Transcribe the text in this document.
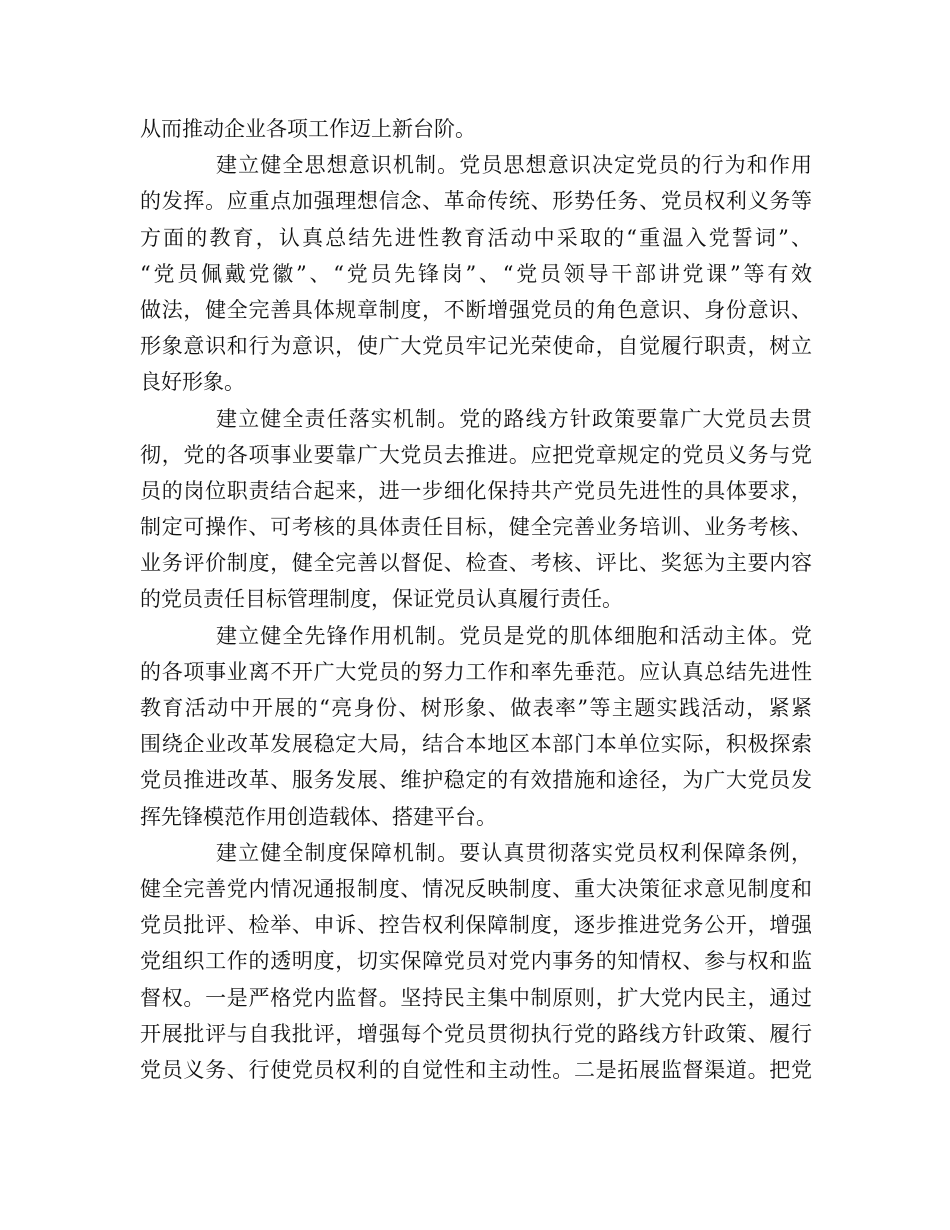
从而推动企业各项工作迈上新台阶。
建立健全思想意识机制。党员思想意识决定党员的行为和作用
的发挥。应重点加强理想信念、革命传统、形势任务、党员权利义务等
方面的教育，认真总结先进性教育活动中采取的“重温入党誓词”、
“党员佩戴党徽”、“党员先锋岗”、“党员领导干部讲党课”等有效
做法，健全完善具体规章制度，不断增强党员的角色意识、身份意识、
形象意识和行为意识，使广大党员牢记光荣使命，自觉履行职责，树立
良好形象。
建立健全责任落实机制。党的路线方针政策要靠广大党员去贯
彻，党的各项事业要靠广大党员去推进。应把党章规定的党员义务与党
员的岗位职责结合起来，进一步细化保持共产党员先进性的具体要求，
制定可操作、可考核的具体责任目标，健全完善业务培训、业务考核、
业务评价制度，健全完善以督促、检查、考核、评比、奖惩为主要内容
的党员责任目标管理制度，保证党员认真履行责任。
建立健全先锋作用机制。党员是党的肌体细胞和活动主体。党
的各项事业离不开广大党员的努力工作和率先垂范。应认真总结先进性
教育活动中开展的“亮身份、树形象、做表率”等主题实践活动，紧紧
围绕企业改革发展稳定大局，结合本地区本部门本单位实际，积极探索
党员推进改革、服务发展、维护稳定的有效措施和途径，为广大党员发
挥先锋模范作用创造载体、搭建平台。
建立健全制度保障机制。要认真贯彻落实党员权利保障条例，
健全完善党内情况通报制度、情况反映制度、重大决策征求意见制度和
党员批评、检举、申诉、控告权利保障制度，逐步推进党务公开，增强
党组织工作的透明度，切实保障党员对党内事务的知情权、参与权和监
督权。一是严格党内监督。坚持民主集中制原则，扩大党内民主，通过
开展批评与自我批评，增强每个党员贯彻执行党的路线方针政策、履行
党员义务、行使党员权利的自觉性和主动性。二是拓展监督渠道。把党
